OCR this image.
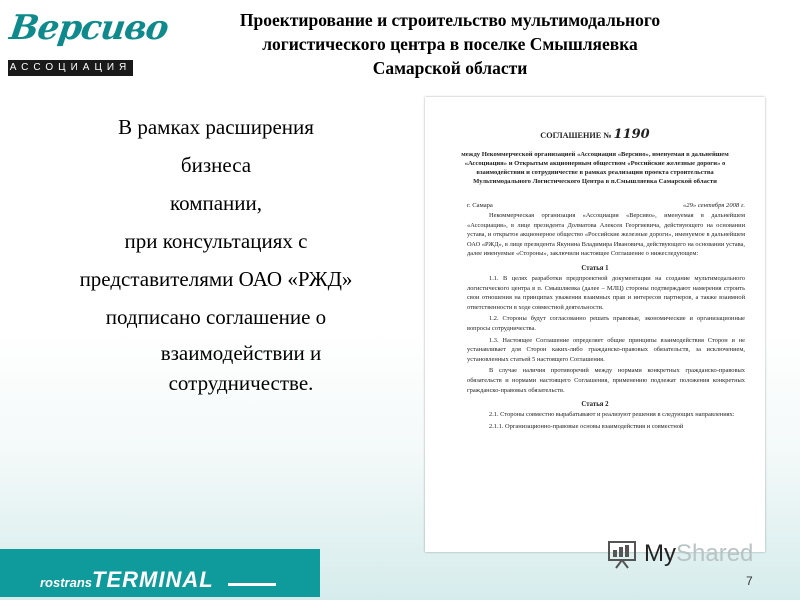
Версиво
АССОЦИАЦИЯ
Проектирование и строительство мультимодального
логистического центра в поселке Смышляевка
Самарской области
В рамках расширения
бизнеса
компании,
при консультациях с
представителями ОАО «РЖД»
подписано соглашение о
взаимодействии и
сотрудничестве.
СОГЛАШЕНИЕ № 1190
между Некоммерческой организацией «Ассоциация «Версиво», именуемая в дальнейшем «Ассоциация» и Открытым акционерным обществом «Российские железные дороги» о взаимодействии и сотрудничестве в рамках реализации проекта строительства Мультимодального Логистического Центра в п.Смышляевка Самарской области
г. Самара	«29» сентября 2008 г.
Некоммерческая организация «Ассоциация «Версиво», именуемая в дальнейшем «Ассоциация», в лице президента Долматова Алексея Георгиевича, действующего на основании устава, и открытое акционерное общество «Российские железные дороги», именуемое в дальнейшем ОАО «РЖД», в лице президента Якунина Владимира Ивановича, действующего на основании устава, далее именуемые «Стороны», заключили настоящее Соглашение о нижеследующем:
Статья 1
1.1. В целях разработки предпроектной документации на создание мультимодального логистического центра в п. Смышляевка (далее – МЛЦ) стороны подтверждают намерения строить свои отношения на принципах уважения взаимных прав и интересов партнеров, а также взаимной ответственности в ходе совместной деятельности.
1.2. Стороны будут согласованно решать правовые, экономические и организационные вопросы сотрудничества.
1.3. Настоящее Соглашение определяет общие принципы взаимодействия Сторон и не устанавливает для Сторон каких-либо гражданско-правовых обязательств, за исключением, установленных статьей 5 настоящего Соглашения.
В случае наличия противоречий между нормами конкретных гражданско-правовых обязательств и нормами настоящего Соглашения, применению подлежат положения конкретных гражданско-правовых обязательств.
Статья 2
2.1. Стороны совместно вырабатывают и реализуют решения в следующих направлениях:
2.1.1. Организационно-правовые основы взаимодействия и совместной
MyShared
rostransTERMINAL	7
